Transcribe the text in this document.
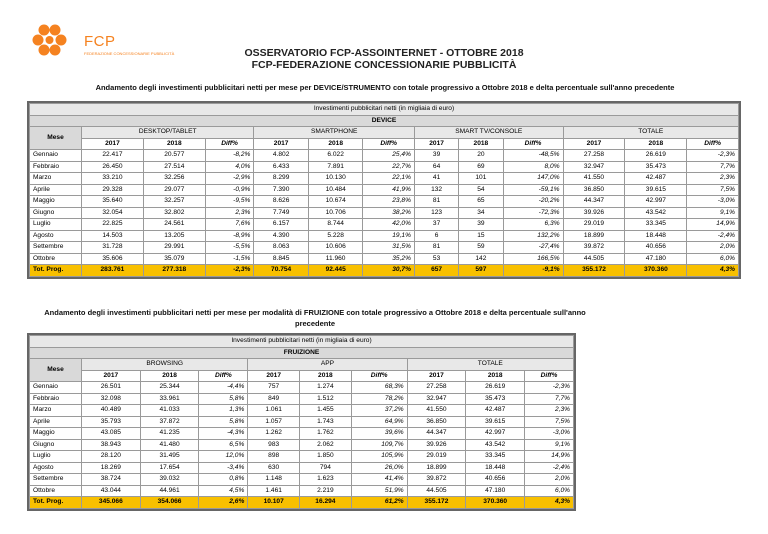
FCP
FEDERAZIONE CONCESSIONARIE PUBBLICITÀ	OSSERVATORIO FCP-ASSOINTERNET - OTTOBRE 2018
FCP-FEDERAZIONE CONCESSIONARIE PUBBLICITÀ
Andamento degli investimenti pubblicitari netti per mese per DEVICE/STRUMENTO con totale progressivo a Ottobre 2018 e delta percentuale sull'anno precedente
Investimenti pubblicitari netti (in migliaia di euro)												
DEVICE												
Mese	DESKTOP/TABLET			SMARTPHONE			SMART TV/CONSOLE			TOTALE		
	2017	2018	Diff%	2017	2018	Diff%	2017	2018	Diff%	2017	2018	Diff%
Gennaio	22.417	20.577	-8,2%	4.802	6.022	25,4%	39	20	-48,5%	27.258	26.619	-2,3%
Febbraio	26.450	27.514	4,0%	6.433	7.891	22,7%	64	69	8,0%	32.947	35.473	7,7%
Marzo	33.210	32.256	-2,9%	8.299	10.130	22,1%	41	101	147,0%	41.550	42.487	2,3%
Aprile	29.328	29.077	-0,9%	7.390	10.484	41,9%	132	54	-59,1%	36.850	39.615	7,5%
Maggio	35.640	32.257	-9,5%	8.626	10.674	23,8%	81	65	-20,2%	44.347	42.997	-3,0%
Giugno	32.054	32.802	2,3%	7.749	10.706	38,2%	123	34	-72,3%	39.926	43.542	9,1%
Luglio	22.825	24.561	7,6%	6.157	8.744	42,0%	37	39	6,3%	29.019	33.345	14,9%
Agosto	14.503	13.205	-8,9%	4.390	5.228	19,1%	6	15	132,2%	18.899	18.448	-2,4%
Settembre	31.728	29.991	-5,5%	8.063	10.606	31,5%	81	59	-27,4%	39.872	40.656	2,0%
Ottobre	35.606	35.079	-1,5%	8.845	11.960	35,2%	53	142	166,5%	44.505	47.180	6,0%
Tot. Prog.	283.761	277.318	-2,3%	70.754	92.445	30,7%	657	597	-9,1%	355.172	370.360	4,3%
Andamento degli investimenti pubblicitari netti per mese per modalità di FRUIZIONE con totale progressivo a Ottobre 2018 e delta percentuale sull'anno precedente
Investimenti pubblicitari netti (in migliaia di euro)									
FRUIZIONE									
Mese	BROWSING			APP			TOTALE		
	2017	2018	Diff%	2017	2018	Diff%	2017	2018	Diff%
Gennaio	26.501	25.344	-4,4%	757	1.274	68,3%	27.258	26.619	-2,3%
Febbraio	32.098	33.961	5,8%	849	1.512	78,2%	32.947	35.473	7,7%
Marzo	40.489	41.033	1,3%	1.061	1.455	37,2%	41.550	42.487	2,3%
Aprile	35.793	37.872	5,8%	1.057	1.743	64,9%	36.850	39.615	7,5%
Maggio	43.085	41.235	-4,3%	1.262	1.762	39,6%	44.347	42.997	-3,0%
Giugno	38.943	41.480	6,5%	983	2.062	109,7%	39.926	43.542	9,1%
Luglio	28.120	31.495	12,0%	898	1.850	105,9%	29.019	33.345	14,9%
Agosto	18.269	17.654	-3,4%	630	794	26,0%	18.899	18.448	-2,4%
Settembre	38.724	39.032	0,8%	1.148	1.623	41,4%	39.872	40.656	2,0%
Ottobre	43.044	44.961	4,5%	1.461	2.219	51,9%	44.505	47.180	6,0%
Tot. Prog.	345.066	354.066	2,6%	10.107	16.294	61,2%	355.172	370.360	4,3%
